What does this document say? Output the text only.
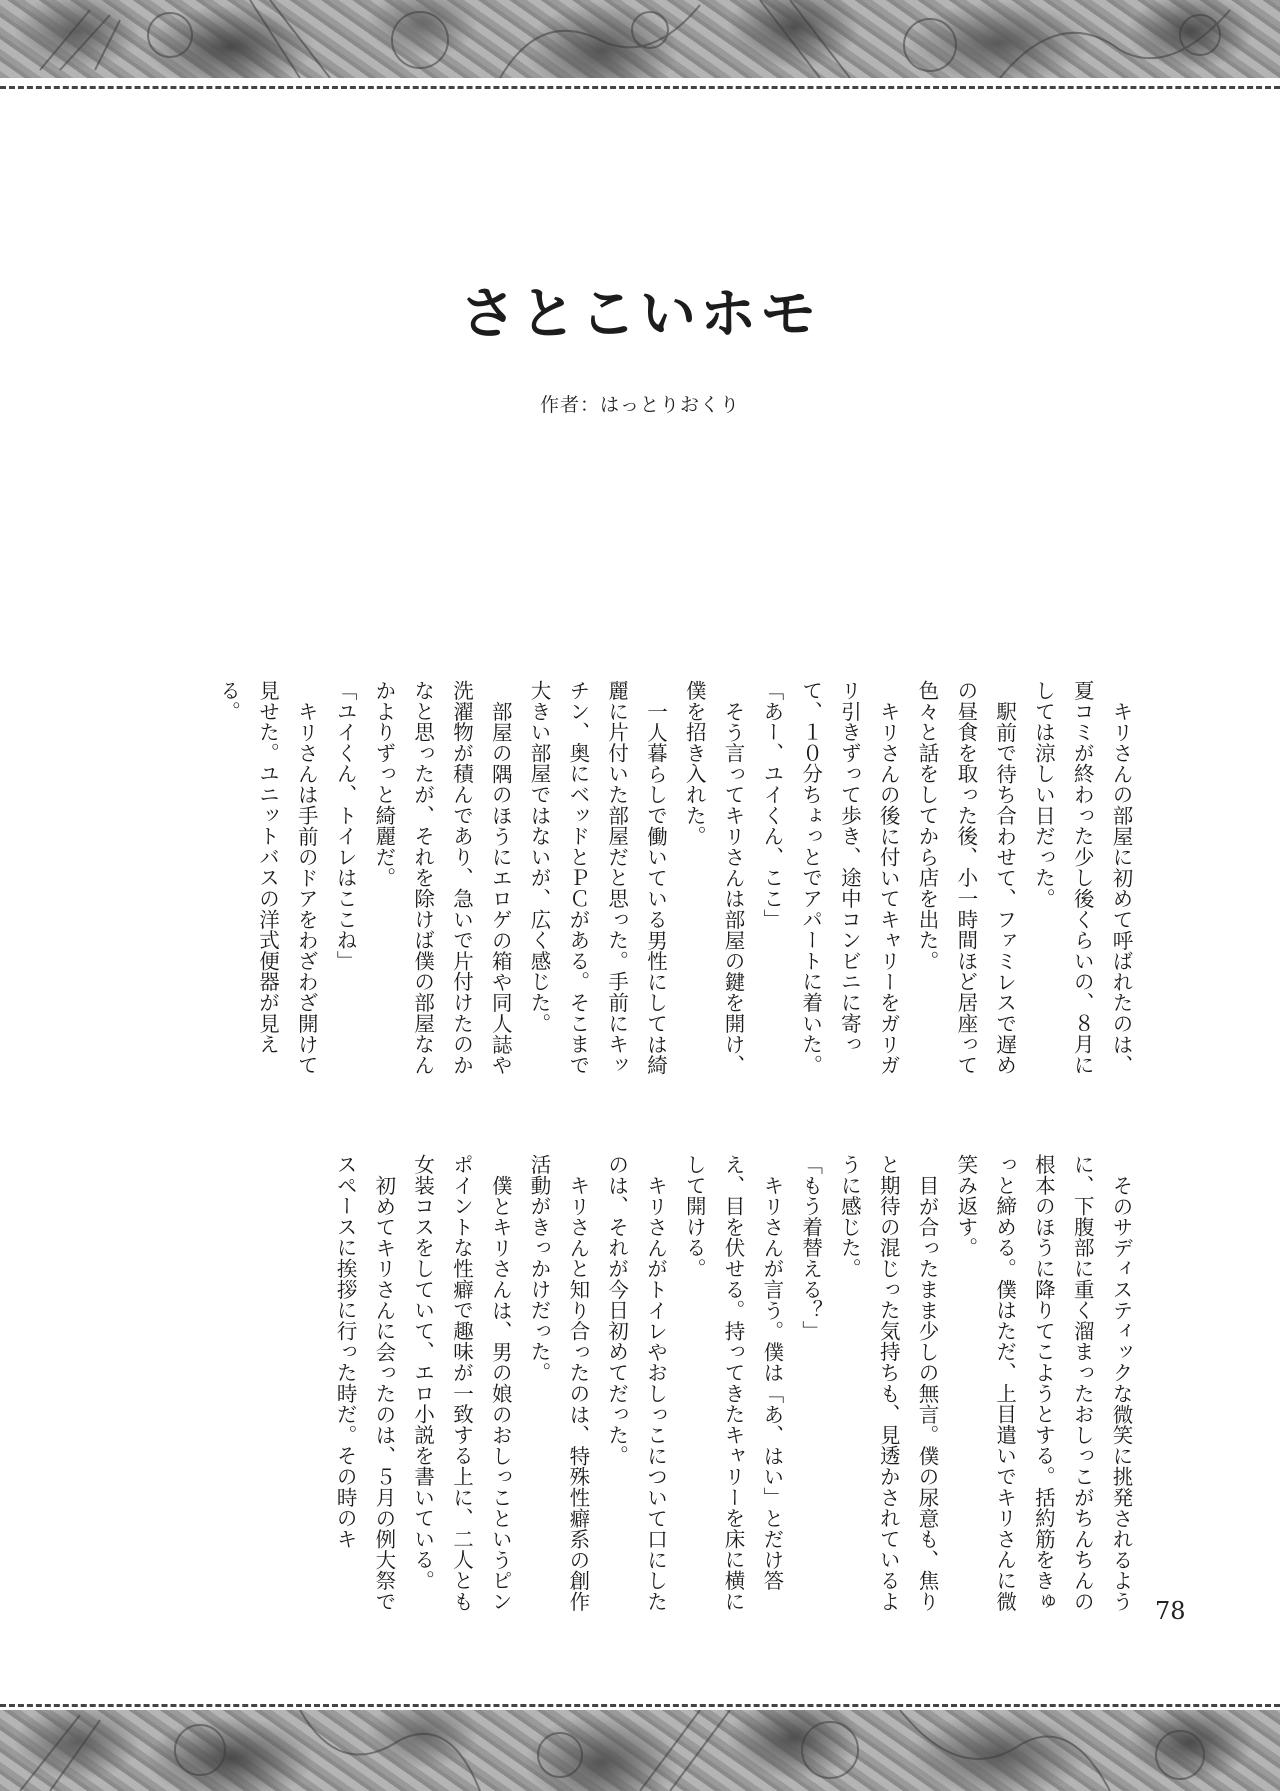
さとこいホモ
作者：はっとりおくり

キリさんの部屋に初めて呼ばれたのは、夏コミが終わった少し後くらいの、８月にしては涼しい日だった。

駅前で待ち合わせて、ファミレスで遅めの昼食を取った後、小一時間ほど居座って色々と話をしてから店を出た。

キリさんの後に付いてキャリーをガリガリ引きずって歩き、途中コンビニに寄って、１０分ちょっとでアパートに着いた。

「あー、ユイくん、ここ」

そう言ってキリさんは部屋の鍵を開け、僕を招き入れた。

一人暮らしで働いている男性にしては綺麗に片付いた部屋だと思った。手前にキッチン、奥にベッドとＰＣがある。そこまで大きい部屋ではないが、広く感じた。

部屋の隅のほうにエロゲの箱や同人誌や洗濯物が積んであり、急いで片付けたのかなと思ったが、それを除けば僕の部屋なんかよりずっと綺麗だ。

「ユイくん、トイレはここね」

キリさんは手前のドアをわざわざ開けて見せた。ユニットバスの洋式便器が見える。

そのサディスティックな微笑に挑発されるように、下腹部に重く溜まったおしっこがちんちんの根本のほうに降りてこようとする。括約筋をきゅっと締める。僕はただ、上目遣いでキリさんに微笑み返す。

目が合ったまま少しの無言。僕の尿意も、焦りと期待の混じった気持ちも、見透かされているように感じた。

「もう着替える？」

キリさんが言う。僕は「あ、はい」とだけ答え、目を伏せる。持ってきたキャリーを床に横にして開ける。

キリさんがトイレやおしっこについて口にしたのは、それが今日初めてだった。

キリさんと知り合ったのは、特殊性癖系の創作活動がきっかけだった。

僕とキリさんは、男の娘のおしっこというピンポイントな性癖で趣味が一致する上に、二人とも女装コスをしていて、エロ小説を書いている。

初めてキリさんに会ったのは、５月の例大祭でスペースに挨拶に行った時だ。その時のキ

78
